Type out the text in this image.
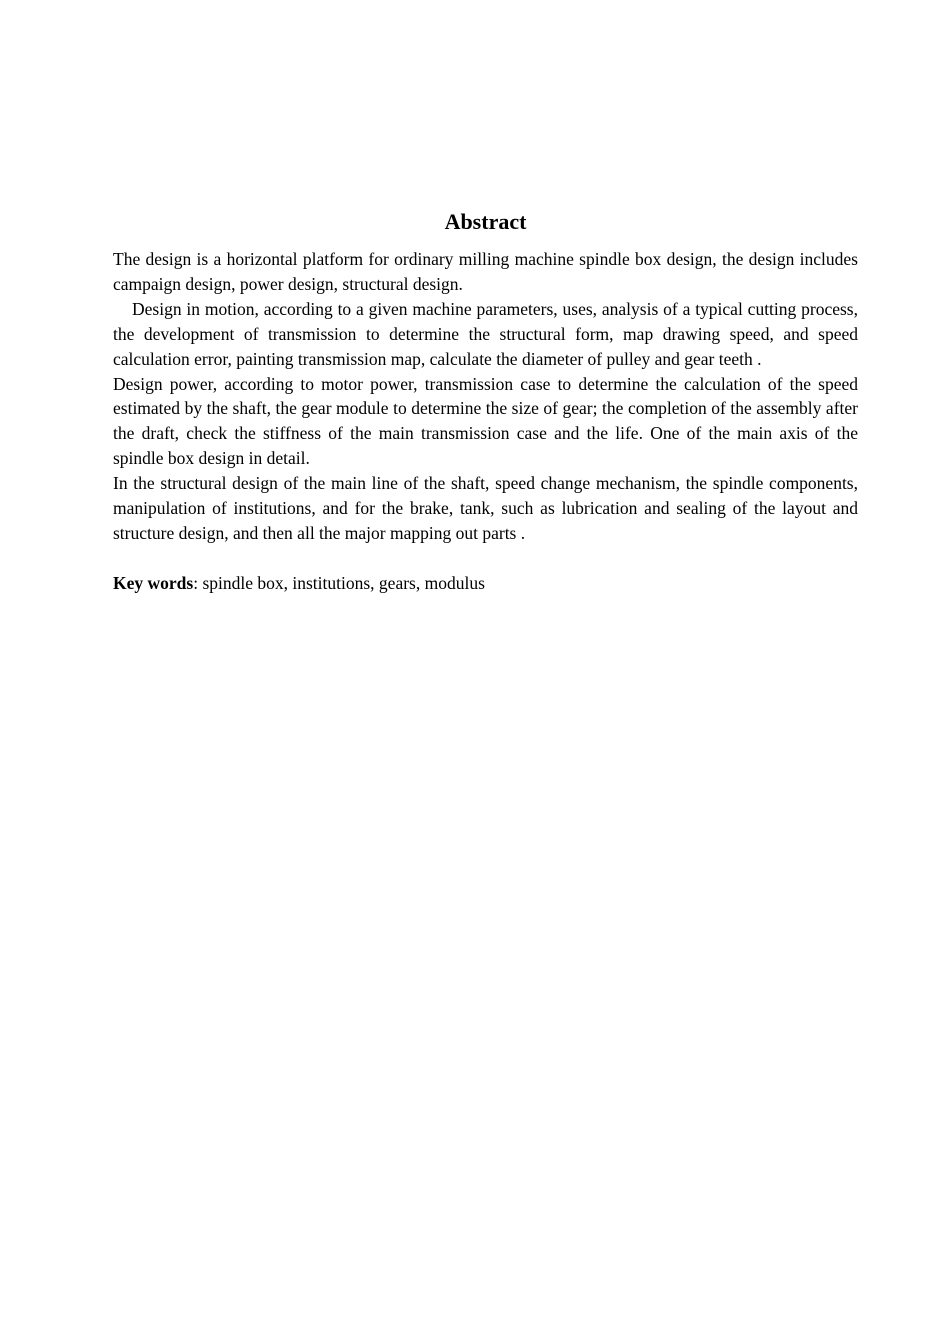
Abstract

The design is a horizontal platform for ordinary milling machine spindle box design, the design includes campaign design, power design, structural design.

Design in motion, according to a given machine parameters, uses, analysis of a typical cutting process, the development of transmission to determine the structural form, map drawing speed, and speed calculation error, painting transmission map, calculate the diameter of pulley and gear teeth .

Design power, according to motor power, transmission case to determine the calculation of the speed estimated by the shaft, the gear module to determine the size of gear; the completion of the assembly after the draft, check the stiffness of the main transmission case and the life. One of the main axis of the spindle box design in detail.

In the structural design of the main line of the shaft, speed change mechanism, the spindle components, manipulation of institutions, and for the brake, tank, such as lubrication and sealing of the layout and structure design, and then all the major mapping out parts .

Key words: spindle box, institutions, gears, modulus
